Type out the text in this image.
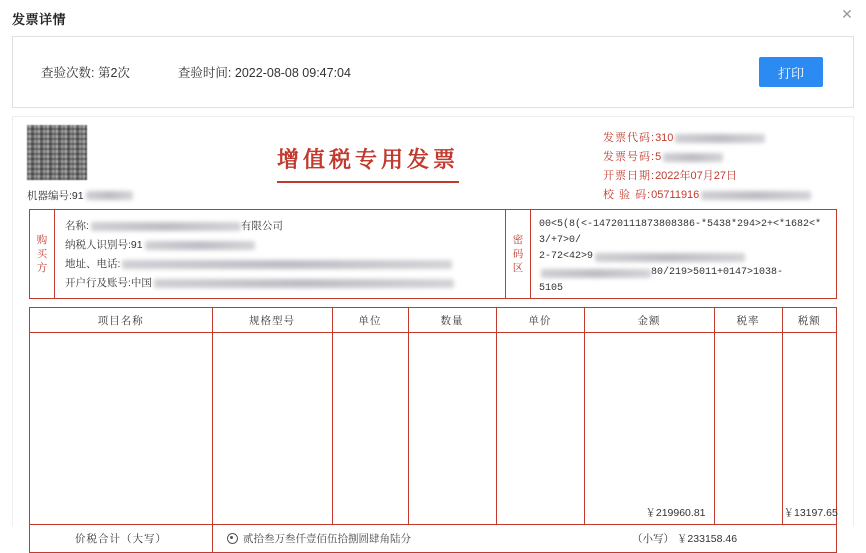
发票详情	✕
查验次数: 第2次	查验时间: 2022-08-08 09:47:04	打印
机器编号: 91
增值税专用发票
发票代码: 310
发票号码: 5
开票日期: 2022年07月27日
校 验 码: 05711916
购
买
方
名称:	有限公司
纳税人识别号: 91
地址、电话:
开户行及账号: 中国
密
码
区
00<5(8(<-14720111873808386-*5438*294>2+<*1682<*3/+7>0/
2-72<42>9
80/219>5011+0147>1038-
5105
项目名称	规格型号	单位	数量	单价	金额	税率	税额
					￥219960.81		￥13197.65
价税合计（大写）	贰拾叁万叁仟壹佰伍拾捌圆肆角陆分	（小写） ￥233158.46
